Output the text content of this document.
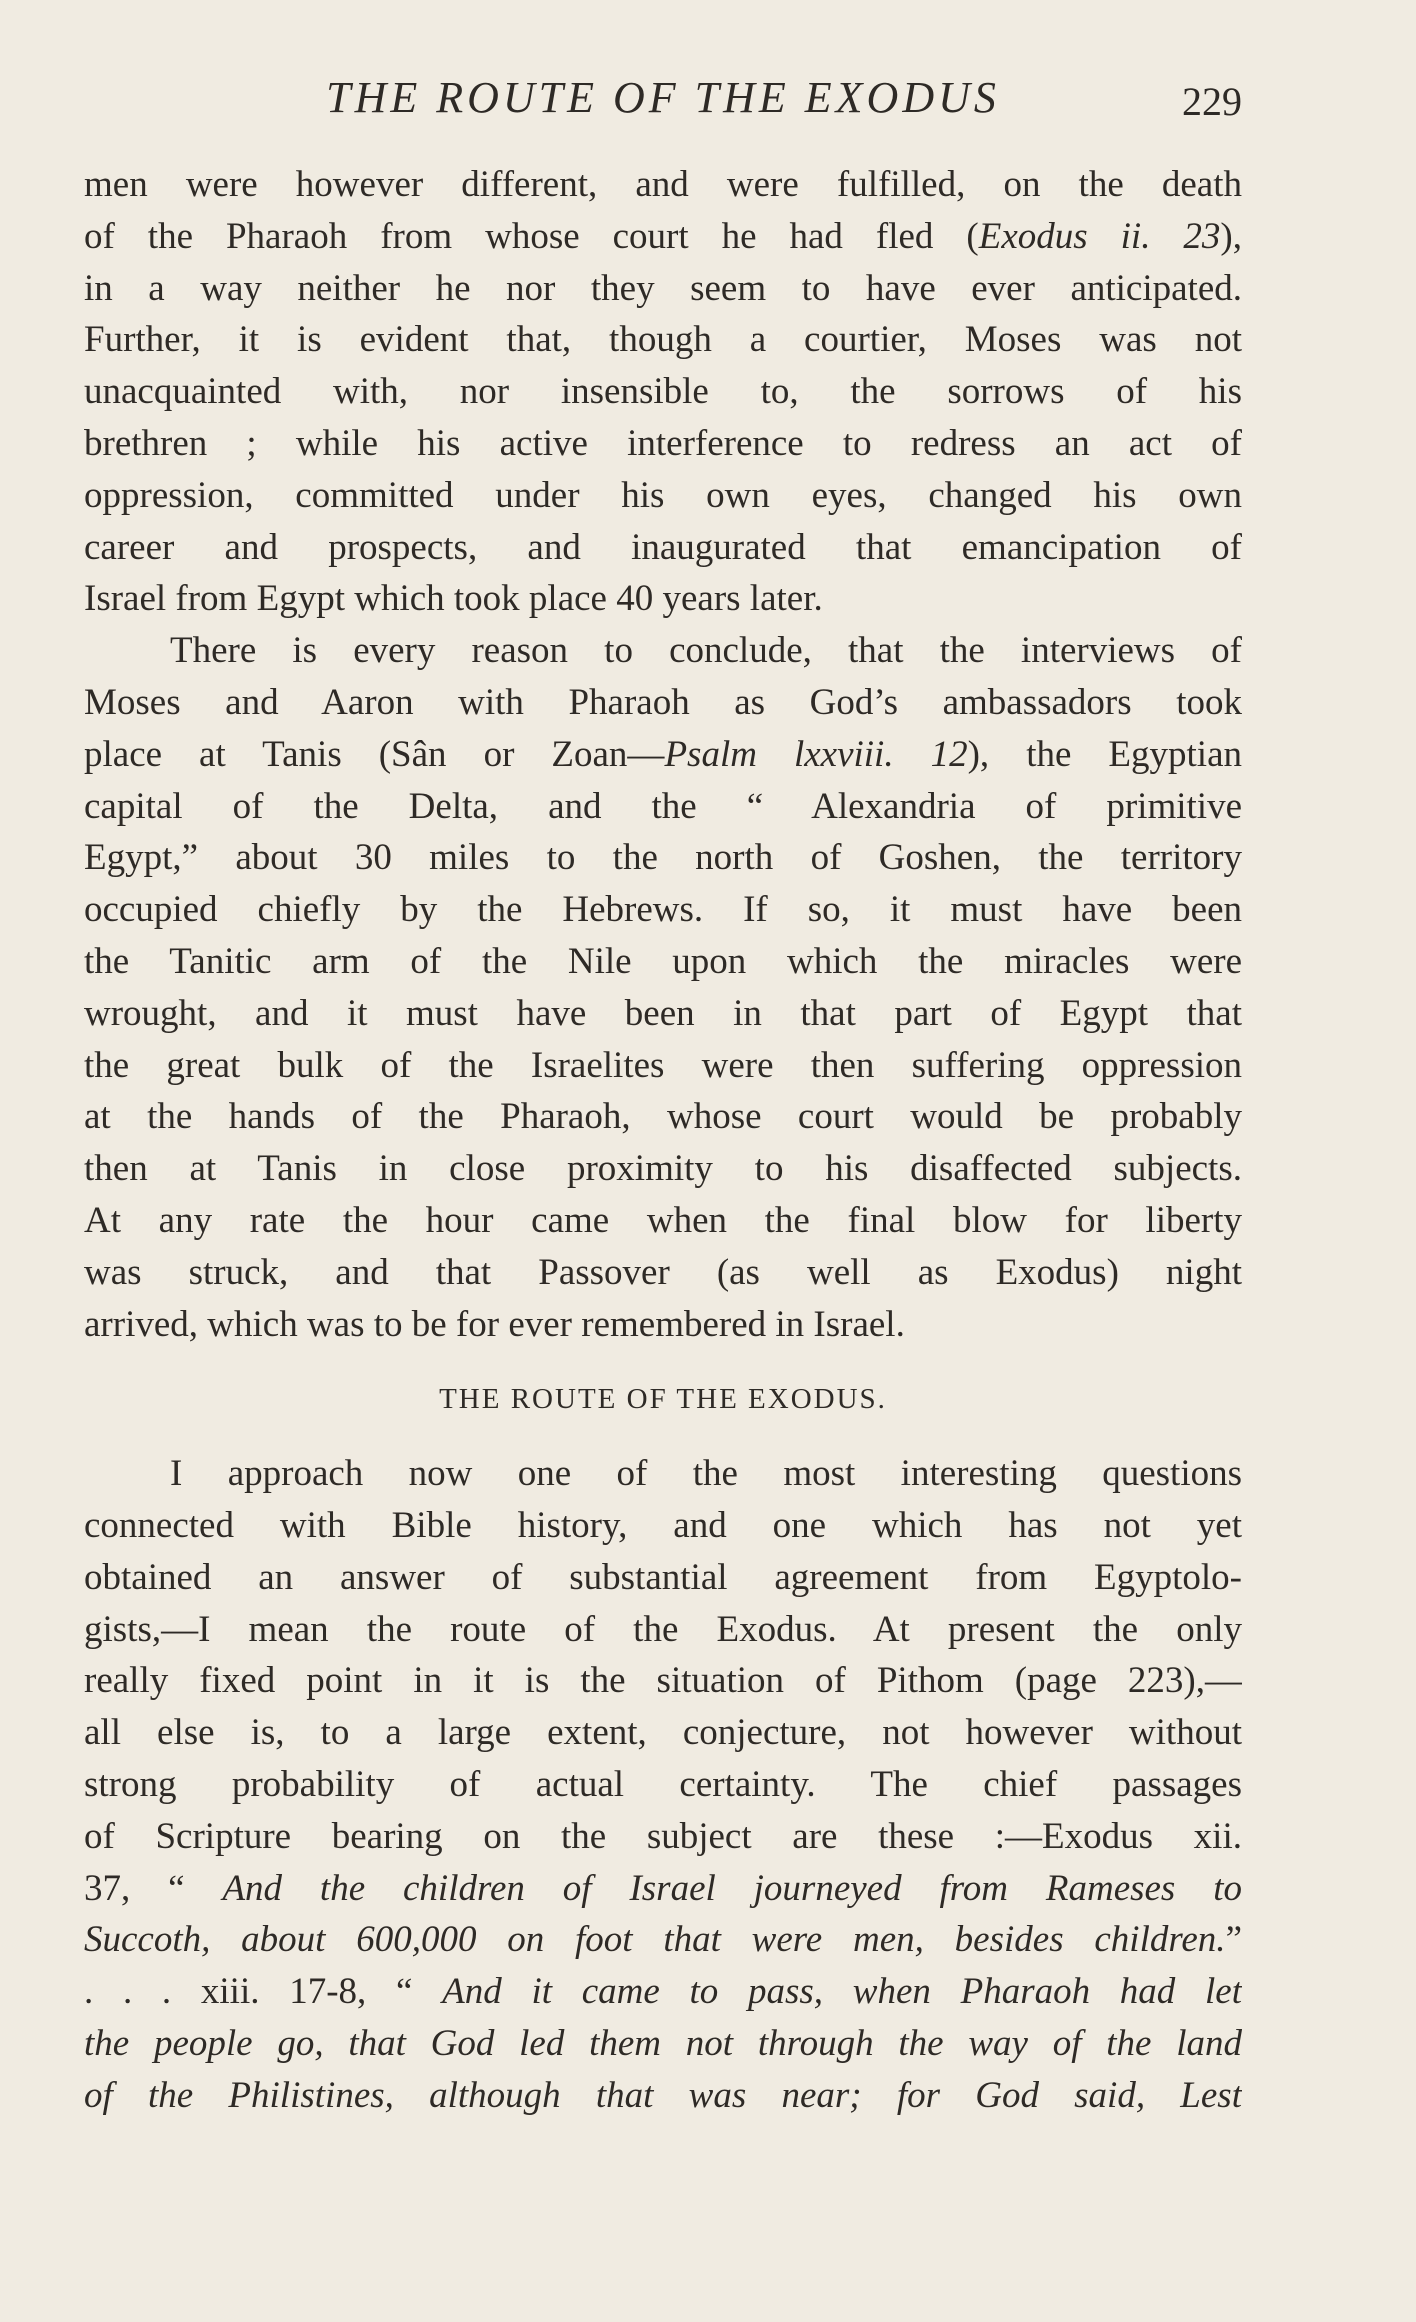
THE ROUTE OF THE EXODUS	229
men were however different, and were fulfilled, on the death
of the Pharaoh from whose court he had fled (Exodus ii. 23),
in a way neither he nor they seem to have ever anticipated.
Further, it is evident that, though a courtier, Moses was not
unacquainted with, nor insensible to, the sorrows of his
brethren ; while his active interference to redress an act of
oppression, committed under his own eyes, changed his own
career and prospects, and inaugurated that emancipation of
Israel from Egypt which took place 40 years later.
There is every reason to conclude, that the interviews of
Moses and Aaron with Pharaoh as God’s ambassadors took
place at Tanis (Sân or Zoan—Psalm lxxviii. 12), the Egyptian
capital of the Delta, and the “ Alexandria of primitive
Egypt,” about 30 miles to the north of Goshen, the territory
occupied chiefly by the Hebrews. If so, it must have been
the Tanitic arm of the Nile upon which the miracles were
wrought, and it must have been in that part of Egypt that
the great bulk of the Israelites were then suffering oppression
at the hands of the Pharaoh, whose court would be probably
then at Tanis in close proximity to his disaffected subjects.
At any rate the hour came when the final blow for liberty
was struck, and that Passover (as well as Exodus) night
arrived, which was to be for ever remembered in Israel.
THE ROUTE OF THE EXODUS.
I approach now one of the most interesting questions
connected with Bible history, and one which has not yet
obtained an answer of substantial agreement from Egyptolo-
gists,—I mean the route of the Exodus. At present the only
really fixed point in it is the situation of Pithom (page 223),—
all else is, to a large extent, conjecture, not however without
strong probability of actual certainty. The chief passages
of Scripture bearing on the subject are these :—Exodus xii.
37, “ And the children of Israel journeyed from Rameses to
Succoth, about 600,000 on foot that were men, besides children.”
. . . xiii. 17-8, “ And it came to pass, when Pharaoh had let
the people go, that God led them not through the way of the land
of the Philistines, although that was near; for God said, Lest
